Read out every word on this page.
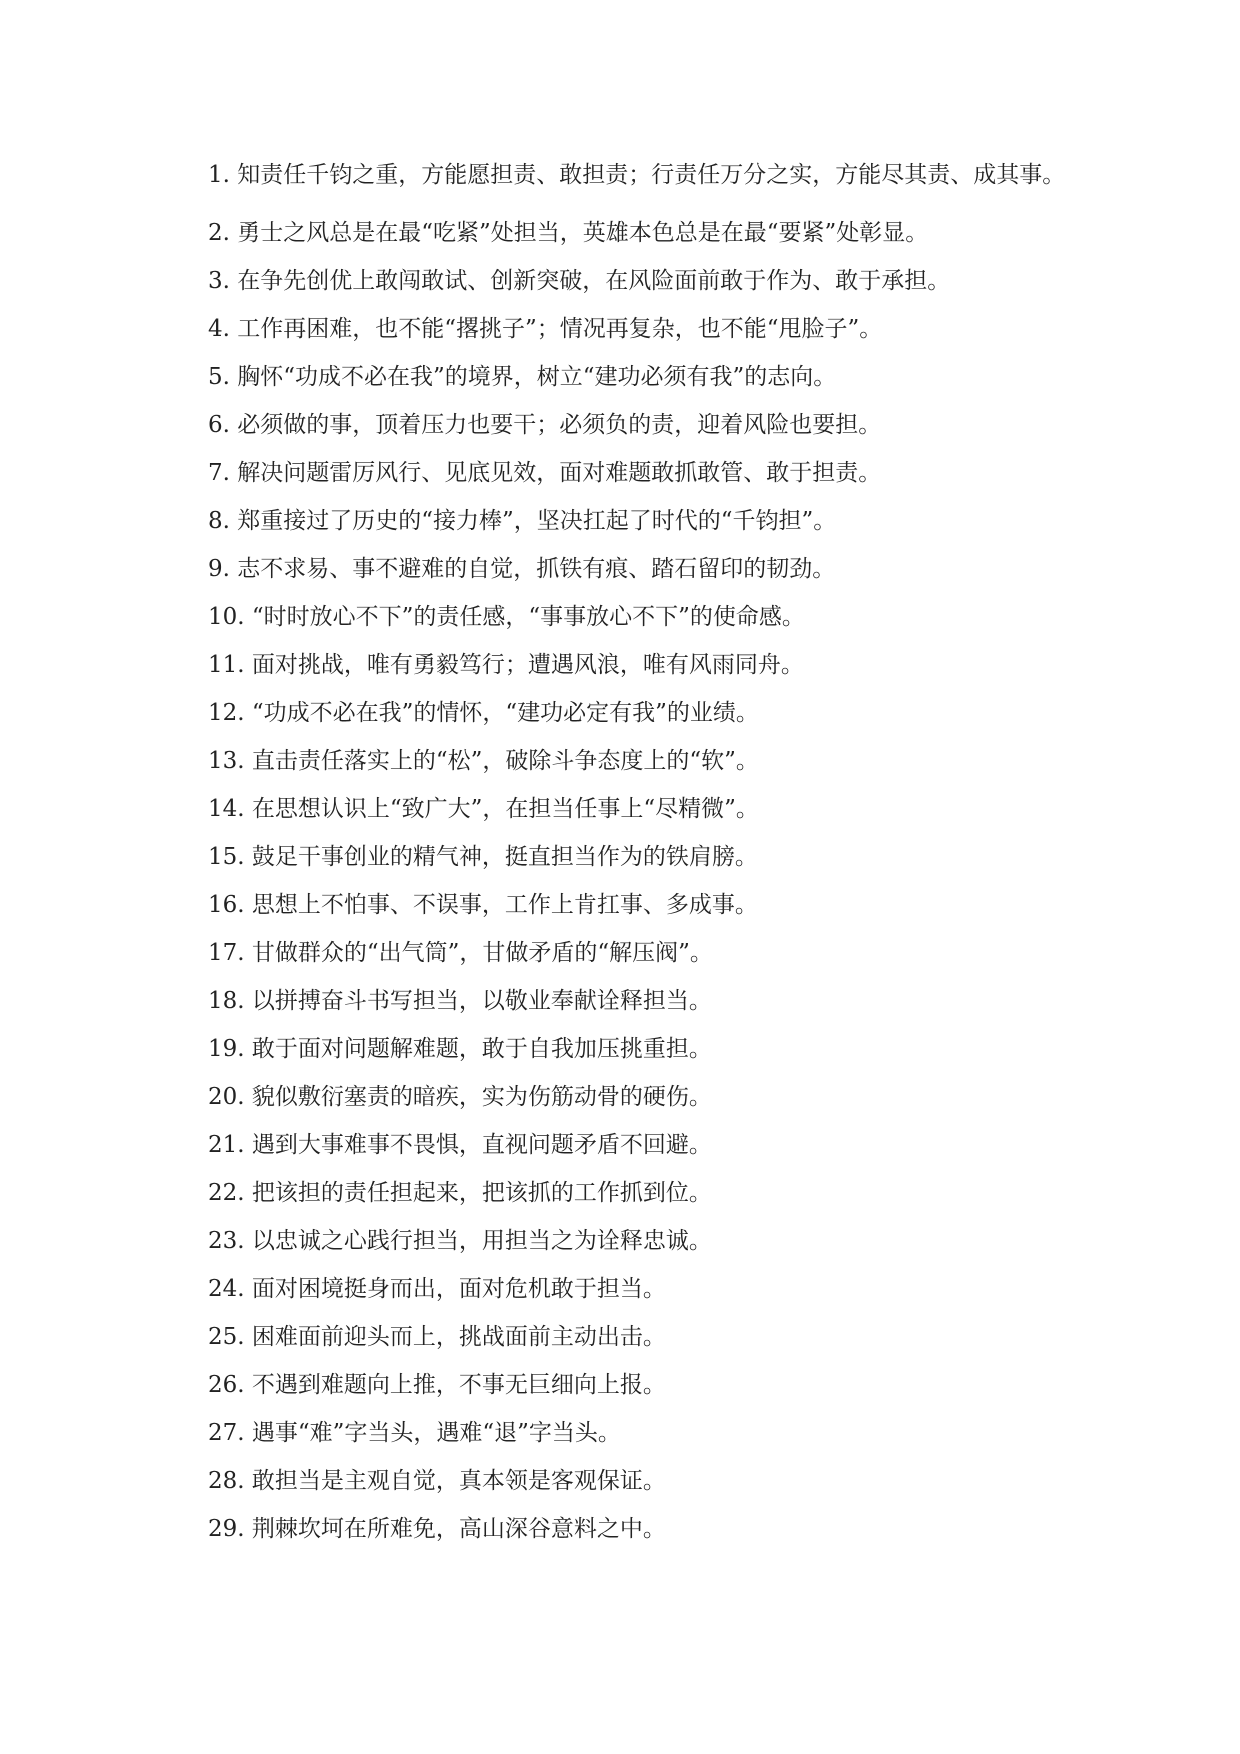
1. 知责任千钧之重，方能愿担责、敢担责；行责任万分之实，方能尽其责、成其事。

2. 勇士之风总是在最“吃紧”处担当，英雄本色总是在最“要紧”处彰显。

3. 在争先创优上敢闯敢试、创新突破，在风险面前敢于作为、敢于承担。

4. 工作再困难，也不能“撂挑子”；情况再复杂，也不能“甩脸子”。

5. 胸怀“功成不必在我”的境界，树立“建功必须有我”的志向。

6. 必须做的事，顶着压力也要干；必须负的责，迎着风险也要担。

7. 解决问题雷厉风行、见底见效，面对难题敢抓敢管、敢于担责。

8. 郑重接过了历史的“接力棒”，坚决扛起了时代的“千钧担”。

9. 志不求易、事不避难的自觉，抓铁有痕、踏石留印的韧劲。

10. “时时放心不下”的责任感，“事事放心不下”的使命感。

11. 面对挑战，唯有勇毅笃行；遭遇风浪，唯有风雨同舟。

12. “功成不必在我”的情怀，“建功必定有我”的业绩。

13. 直击责任落实上的“松”，破除斗争态度上的“软”。

14. 在思想认识上“致广大”，在担当任事上“尽精微”。

15. 鼓足干事创业的精气神，挺直担当作为的铁肩膀。

16. 思想上不怕事、不误事，工作上肯扛事、多成事。

17. 甘做群众的“出气筒”，甘做矛盾的“解压阀”。

18. 以拼搏奋斗书写担当，以敬业奉献诠释担当。

19. 敢于面对问题解难题，敢于自我加压挑重担。

20. 貌似敷衍塞责的暗疾，实为伤筋动骨的硬伤。

21. 遇到大事难事不畏惧，直视问题矛盾不回避。

22. 把该担的责任担起来，把该抓的工作抓到位。

23. 以忠诚之心践行担当，用担当之为诠释忠诚。

24. 面对困境挺身而出，面对危机敢于担当。

25. 困难面前迎头而上，挑战面前主动出击。

26. 不遇到难题向上推，不事无巨细向上报。

27. 遇事“难”字当头，遇难“退”字当头。

28. 敢担当是主观自觉，真本领是客观保证。

29. 荆棘坎坷在所难免，高山深谷意料之中。
